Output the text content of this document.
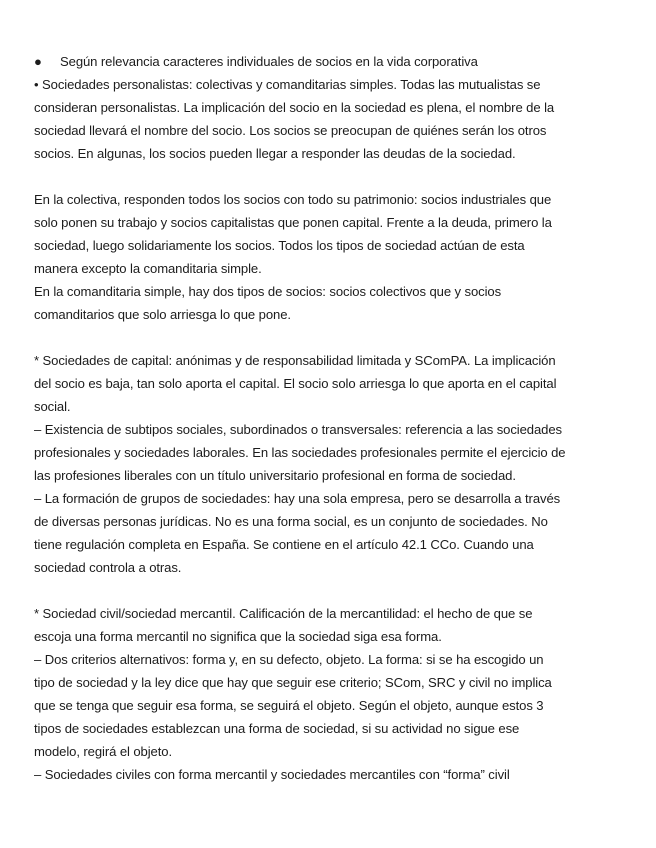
● Según relevancia caracteres individuales de socios en la vida corporativa
• Sociedades personalistas: colectivas y comanditarias simples. Todas las mutualistas se
consideran personalistas. La implicación del socio en la sociedad es plena, el nombre de la
sociedad llevará el nombre del socio. Los socios se preocupan de quiénes serán los otros
socios. En algunas, los socios pueden llegar a responder las deudas de la sociedad.
En la colectiva, responden todos los socios con todo su patrimonio: socios industriales que
solo ponen su trabajo y socios capitalistas que ponen capital. Frente a la deuda, primero la
sociedad, luego solidariamente los socios. Todos los tipos de sociedad actúan de esta
manera excepto la comanditaria simple.
En la comanditaria simple, hay dos tipos de socios: socios colectivos que y socios
comanditarios que solo arriesga lo que pone.
* Sociedades de capital: anónimas y de responsabilidad limitada y SComPA. La implicación
del socio es baja, tan solo aporta el capital. El socio solo arriesga lo que aporta en el capital
social.
– Existencia de subtipos sociales, subordinados o transversales: referencia a las sociedades
profesionales y sociedades laborales. En las sociedades profesionales permite el ejercicio de
las profesiones liberales con un título universitario profesional en forma de sociedad.
– La formación de grupos de sociedades: hay una sola empresa, pero se desarrolla a través
de diversas personas jurídicas. No es una forma social, es un conjunto de sociedades. No
tiene regulación completa en España. Se contiene en el artículo 42.1 CCo. Cuando una
sociedad controla a otras.
* Sociedad civil/sociedad mercantil. Calificación de la mercantilidad: el hecho de que se
escoja una forma mercantil no significa que la sociedad siga esa forma.
– Dos criterios alternativos: forma y, en su defecto, objeto. La forma: si se ha escogido un
tipo de sociedad y la ley dice que hay que seguir ese criterio; SCom, SRC y civil no implica
que se tenga que seguir esa forma, se seguirá el objeto. Según el objeto, aunque estos 3
tipos de sociedades establezcan una forma de sociedad, si su actividad no sigue ese
modelo, regirá el objeto.
– Sociedades civiles con forma mercantil y sociedades mercantiles con “forma” civil
